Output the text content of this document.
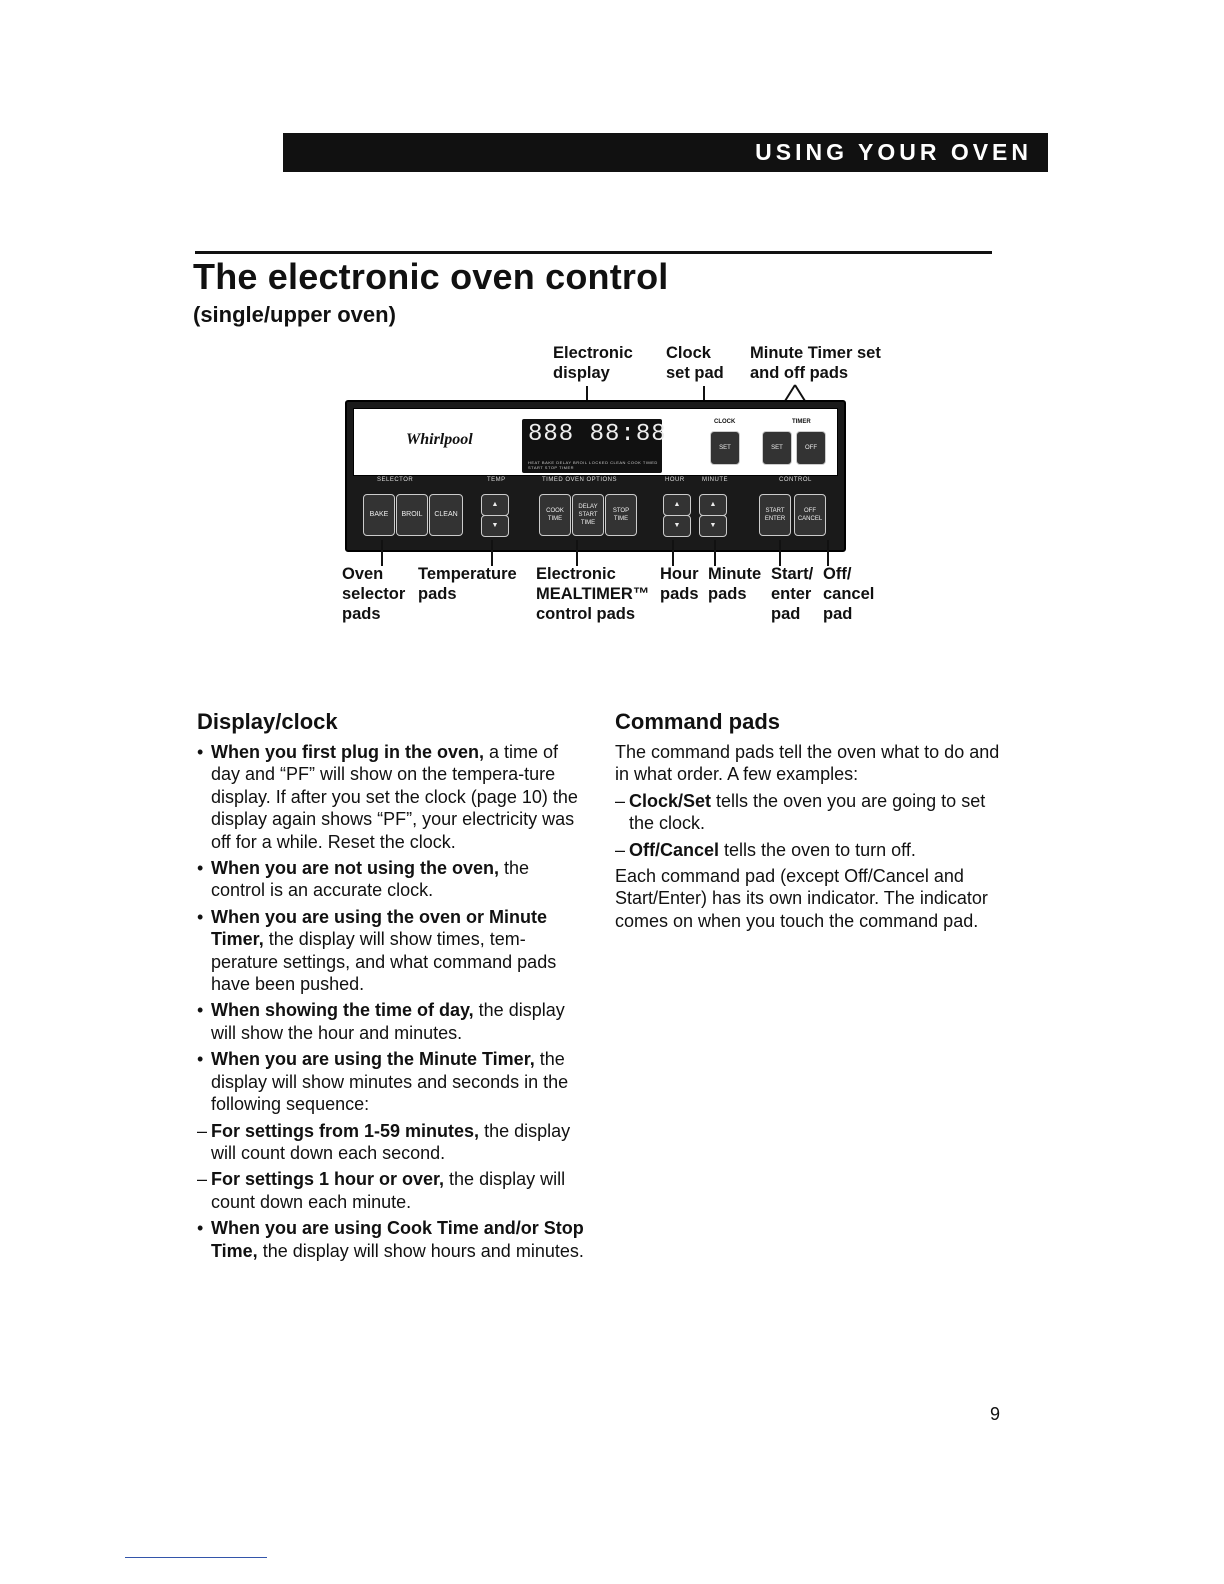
USING YOUR OVEN
The electronic oven control
(single/upper oven)
Electronic
display
Clock
set pad
Minute Timer set
and off pads
Whirlpool 888 88:88
HEAT BAKE DELAY BROIL LOCKED CLEAN COOK TIMED START STOP TIMER
CLOCK	TIMER
SET	SET	OFF
SELECTOR	TEMP	TIMED OVEN OPTIONS	HOUR	MINUTE	CONTROL
BAKE	BROIL	CLEAN
▲
▼
COOK TIME
DELAY START TIME
STOP TIME
▲
▼
▲
▼
START ENTER
OFF CANCEL
Oven
selector
pads
Temperature
pads
Electronic
MEALTIMER™
control pads
Hour
pads
Minute
pads
Start/
enter
pad
Off/
cancel
pad
Display/clock

• When you first plug in the oven, a time of day and “PF” will show on the tempera-ture display. If after you set the clock (page 10) the display again shows “PF”, your electricity was off for a while. Reset the clock.

• When you are not using the oven, the control is an accurate clock.

• When you are using the oven or Minute Timer, the display will show times, tem-perature settings, and what command pads have been pushed.

• When showing the time of day, the display will show the hour and minutes.

• When you are using the Minute Timer, the display will show minutes and seconds in the following sequence:

– For settings from 1-59 minutes, the display will count down each second.

– For settings 1 hour or over, the display will count down each minute.

• When you are using Cook Time and/or Stop Time, the display will show hours and minutes.

Command pads

The command pads tell the oven what to do and in what order. A few examples:

– Clock/Set tells the oven you are going to set the clock.

– Off/Cancel tells the oven to turn off.

Each command pad (except Off/Cancel and Start/Enter) has its own indicator. The indicator comes on when you touch the command pad.

9
